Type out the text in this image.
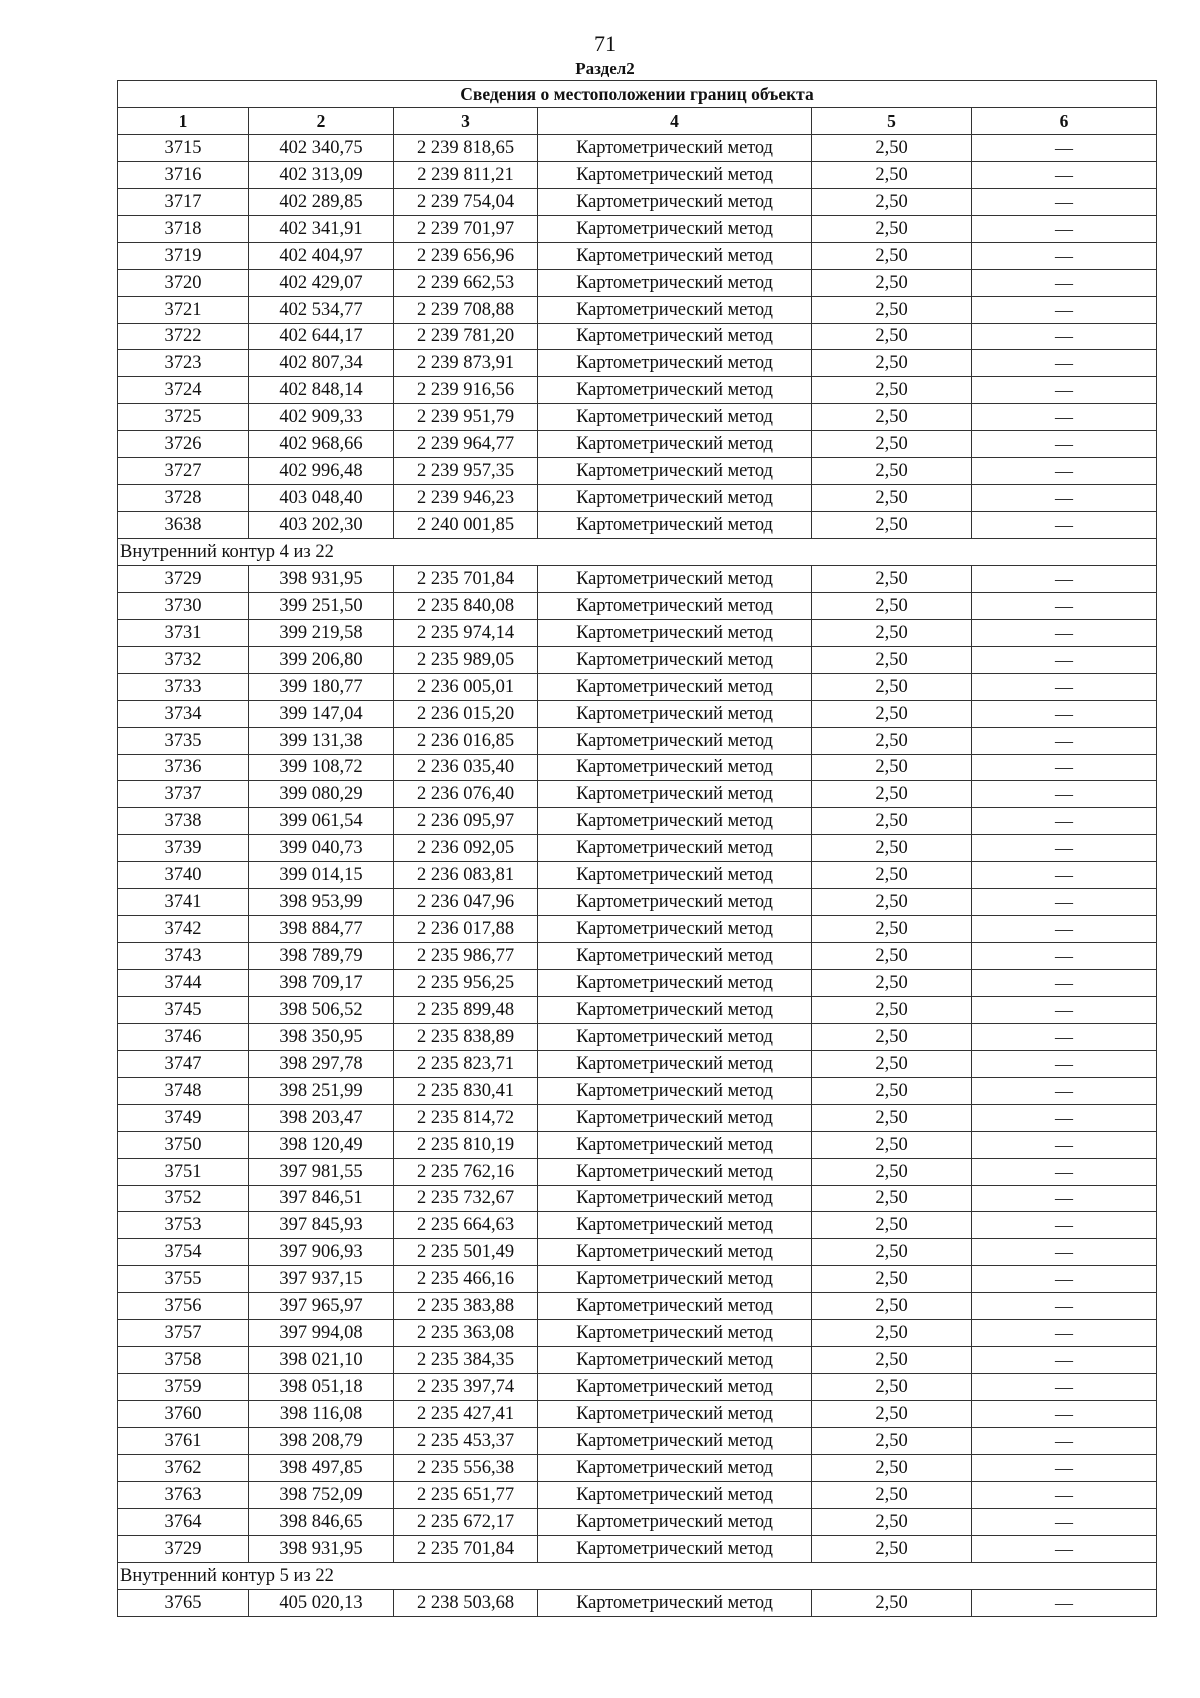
71
Раздел2
Сведения о местоположении границ объекта					
1	2	3	4	5	6
3715	402 340,75	2 239 818,65	Картометрический метод	2,50	—
3716	402 313,09	2 239 811,21	Картометрический метод	2,50	—
3717	402 289,85	2 239 754,04	Картометрический метод	2,50	—
3718	402 341,91	2 239 701,97	Картометрический метод	2,50	—
3719	402 404,97	2 239 656,96	Картометрический метод	2,50	—
3720	402 429,07	2 239 662,53	Картометрический метод	2,50	—
3721	402 534,77	2 239 708,88	Картометрический метод	2,50	—
3722	402 644,17	2 239 781,20	Картометрический метод	2,50	—
3723	402 807,34	2 239 873,91	Картометрический метод	2,50	—
3724	402 848,14	2 239 916,56	Картометрический метод	2,50	—
3725	402 909,33	2 239 951,79	Картометрический метод	2,50	—
3726	402 968,66	2 239 964,77	Картометрический метод	2,50	—
3727	402 996,48	2 239 957,35	Картометрический метод	2,50	—
3728	403 048,40	2 239 946,23	Картометрический метод	2,50	—
3638	403 202,30	2 240 001,85	Картометрический метод	2,50	—
Внутренний контур 4 из 22					
3729	398 931,95	2 235 701,84	Картометрический метод	2,50	—
3730	399 251,50	2 235 840,08	Картометрический метод	2,50	—
3731	399 219,58	2 235 974,14	Картометрический метод	2,50	—
3732	399 206,80	2 235 989,05	Картометрический метод	2,50	—
3733	399 180,77	2 236 005,01	Картометрический метод	2,50	—
3734	399 147,04	2 236 015,20	Картометрический метод	2,50	—
3735	399 131,38	2 236 016,85	Картометрический метод	2,50	—
3736	399 108,72	2 236 035,40	Картометрический метод	2,50	—
3737	399 080,29	2 236 076,40	Картометрический метод	2,50	—
3738	399 061,54	2 236 095,97	Картометрический метод	2,50	—
3739	399 040,73	2 236 092,05	Картометрический метод	2,50	—
3740	399 014,15	2 236 083,81	Картометрический метод	2,50	—
3741	398 953,99	2 236 047,96	Картометрический метод	2,50	—
3742	398 884,77	2 236 017,88	Картометрический метод	2,50	—
3743	398 789,79	2 235 986,77	Картометрический метод	2,50	—
3744	398 709,17	2 235 956,25	Картометрический метод	2,50	—
3745	398 506,52	2 235 899,48	Картометрический метод	2,50	—
3746	398 350,95	2 235 838,89	Картометрический метод	2,50	—
3747	398 297,78	2 235 823,71	Картометрический метод	2,50	—
3748	398 251,99	2 235 830,41	Картометрический метод	2,50	—
3749	398 203,47	2 235 814,72	Картометрический метод	2,50	—
3750	398 120,49	2 235 810,19	Картометрический метод	2,50	—
3751	397 981,55	2 235 762,16	Картометрический метод	2,50	—
3752	397 846,51	2 235 732,67	Картометрический метод	2,50	—
3753	397 845,93	2 235 664,63	Картометрический метод	2,50	—
3754	397 906,93	2 235 501,49	Картометрический метод	2,50	—
3755	397 937,15	2 235 466,16	Картометрический метод	2,50	—
3756	397 965,97	2 235 383,88	Картометрический метод	2,50	—
3757	397 994,08	2 235 363,08	Картометрический метод	2,50	—
3758	398 021,10	2 235 384,35	Картометрический метод	2,50	—
3759	398 051,18	2 235 397,74	Картометрический метод	2,50	—
3760	398 116,08	2 235 427,41	Картометрический метод	2,50	—
3761	398 208,79	2 235 453,37	Картометрический метод	2,50	—
3762	398 497,85	2 235 556,38	Картометрический метод	2,50	—
3763	398 752,09	2 235 651,77	Картометрический метод	2,50	—
3764	398 846,65	2 235 672,17	Картометрический метод	2,50	—
3729	398 931,95	2 235 701,84	Картометрический метод	2,50	—
Внутренний контур 5 из 22					
3765	405 020,13	2 238 503,68	Картометрический метод	2,50	—
